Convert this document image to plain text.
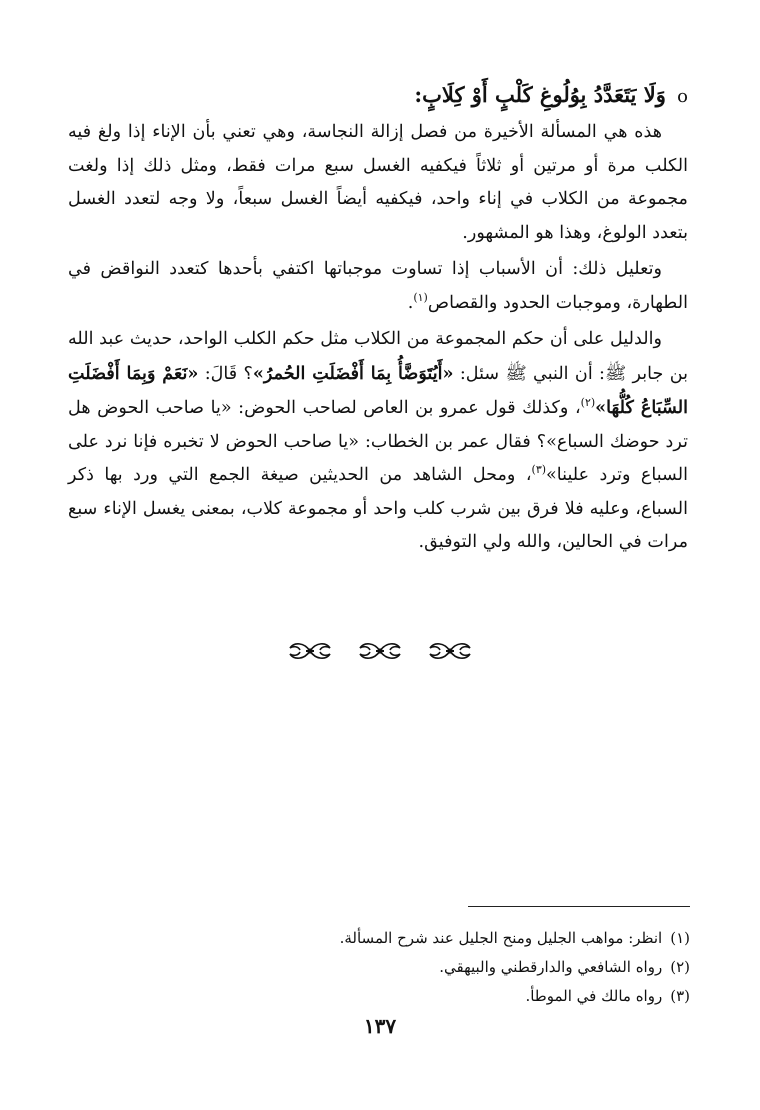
o وَلَا يَتَعَدَّدُ بِوُلُوغِ كَلْبٍ أَوْ كِلَابٍ:

هذه هي المسألة الأخيرة من فصل إزالة النجاسة، وهي تعني بأن الإناء إذا ولغ فيه الكلب مرة أو مرتين أو ثلاثاً فيكفيه الغسل سبع مرات فقط، ومثل ذلك إذا ولغت مجموعة من الكلاب في إناء واحد، فيكفيه أيضاً الغسل سبعاً، ولا وجه لتعدد الغسل بتعدد الولوغ، وهذا هو المشهور.

وتعليل ذلك: أن الأسباب إذا تساوت موجباتها اكتفي بأحدها كتعدد النواقض في الطهارة، وموجبات الحدود والقصاص$^{(١)}$.

والدليل على أن حكم المجموعة من الكلاب مثل حكم الكلب الواحد، حديث عبد الله بن جابر ﷺ: أن النبي ﷺ سئل: «أَيُتَوَضَّأُ بِمَا أَفْضَلَتِ الحُمرُ»؟ قَالَ: «نَعَمْ وَبِمَا أَفْضَلَتِ السِّبَاعُ كُلُّهَا»$^{(٢)}$، وكذلك قول عمرو بن العاص لصاحب الحوض: «يا صاحب الحوض هل ترد حوضك السباع»؟ فقال عمر بن الخطاب: «يا صاحب الحوض لا تخبره فإنا نرد على السباع وترد علينا»$^{(٣)}$، ومحل الشاهد من الحديثين صيغة الجمع التي ورد بها ذكر السباع، وعليه فلا فرق بين شرب كلب واحد أو مجموعة كلاب، بمعنى يغسل الإناء سبع مرات في الحالين، والله ولي التوفيق.

(١)انظر: مواهب الجليل ومنح الجليل عند شرح المسألة.
(٢)رواه الشافعي والدارقطني والبيهقي.
(٣)رواه مالك في الموطأ.
١٣٧
